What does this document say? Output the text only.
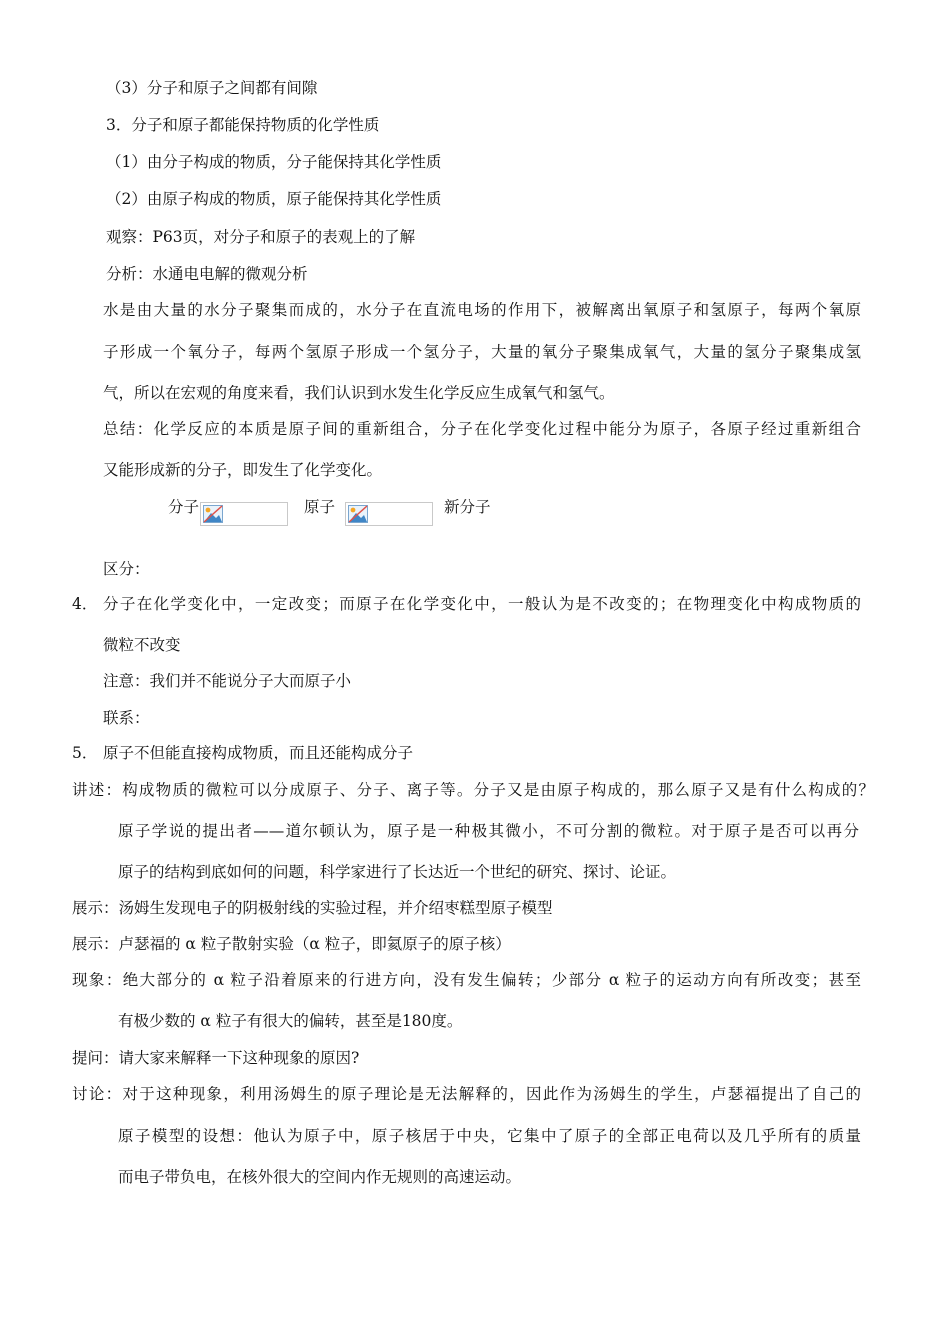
（3）分子和原子之间都有间隙
3．分子和原子都能保持物质的化学性质
（1）由分子构成的物质，分子能保持其化学性质
（2）由原子构成的物质，原子能保持其化学性质
观察：P63页，对分子和原子的表观上的了解
分析：水通电电解的微观分析
水是由大量的水分子聚集而成的，水分子在直流电场的作用下，被解离出氧原子和氢原子，每两个氧原
子形成一个氧分子，每两个氢原子形成一个氢分子，大量的氧分子聚集成氧气，大量的氢分子聚集成氢
气，所以在宏观的角度来看，我们认识到水发生化学反应生成氧气和氢气。
总结：化学反应的本质是原子间的重新组合，分子在化学变化过程中能分为原子，各原子经过重新组合
又能形成新的分子，即发生了化学变化。
分子	原子	新分子
区分：
4． 分子在化学变化中，一定改变；而原子在化学变化中，一般认为是不改变的；在物理变化中构成物质的
微粒不改变
注意：我们并不能说分子大而原子小
联系：
5． 原子不但能直接构成物质，而且还能构成分子
讲述：构成物质的微粒可以分成原子、分子、离子等。分子又是由原子构成的，那么原子又是有什么构成的？
原子学说的提出者——道尔顿认为，原子是一种极其微小，不可分割的微粒。对于原子是否可以再分
原子的结构到底如何的问题，科学家进行了长达近一个世纪的研究、探讨、论证。
展示：汤姆生发现电子的阴极射线的实验过程，并介绍枣糕型原子模型
展示：卢瑟福的 α 粒子散射实验（α 粒子，即氦原子的原子核）
现象：绝大部分的 α 粒子沿着原来的行进方向，没有发生偏转；少部分 α 粒子的运动方向有所改变；甚至
有极少数的 α 粒子有很大的偏转，甚至是180度。
提问：请大家来解释一下这种现象的原因?
讨论：对于这种现象，利用汤姆生的原子理论是无法解释的，因此作为汤姆生的学生，卢瑟福提出了自己的
原子模型的设想：他认为原子中，原子核居于中央，它集中了原子的全部正电荷以及几乎所有的质量
而电子带负电，在核外很大的空间内作无规则的高速运动。
